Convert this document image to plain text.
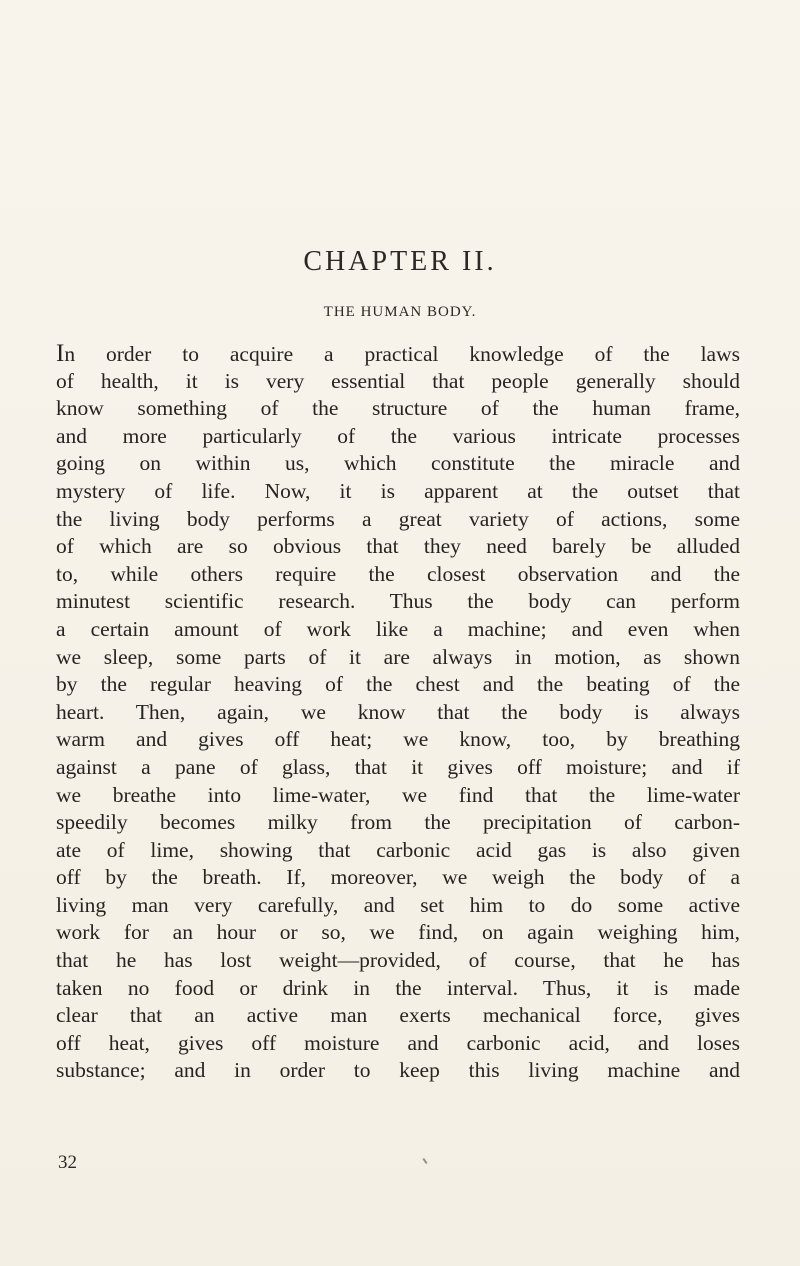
CHAPTER II.
THE HUMAN BODY.
In order to acquire a practical knowledge of the laws
of health, it is very essential that people generally should
know something of the structure of the human frame,
and more particularly of the various intricate processes
going on within us, which constitute the miracle and
mystery of life. Now, it is apparent at the outset that
the living body performs a great variety of actions, some
of which are so obvious that they need barely be alluded
to, while others require the closest observation and the
minutest scientific research. Thus the body can perform
a certain amount of work like a machine; and even when
we sleep, some parts of it are always in motion, as shown
by the regular heaving of the chest and the beating of the
heart. Then, again, we know that the body is always
warm and gives off heat; we know, too, by breathing
against a pane of glass, that it gives off moisture; and if
we breathe into lime-water, we find that the lime-water
speedily becomes milky from the precipitation of carbon-
ate of lime, showing that carbonic acid gas is also given
off by the breath. If, moreover, we weigh the body of a
living man very carefully, and set him to do some active
work for an hour or so, we find, on again weighing him,
that he has lost weight—provided, of course, that he has
taken no food or drink in the interval. Thus, it is made
clear that an active man exerts mechanical force, gives
off heat, gives off moisture and carbonic acid, and loses
substance; and in order to keep this living machine and
32
